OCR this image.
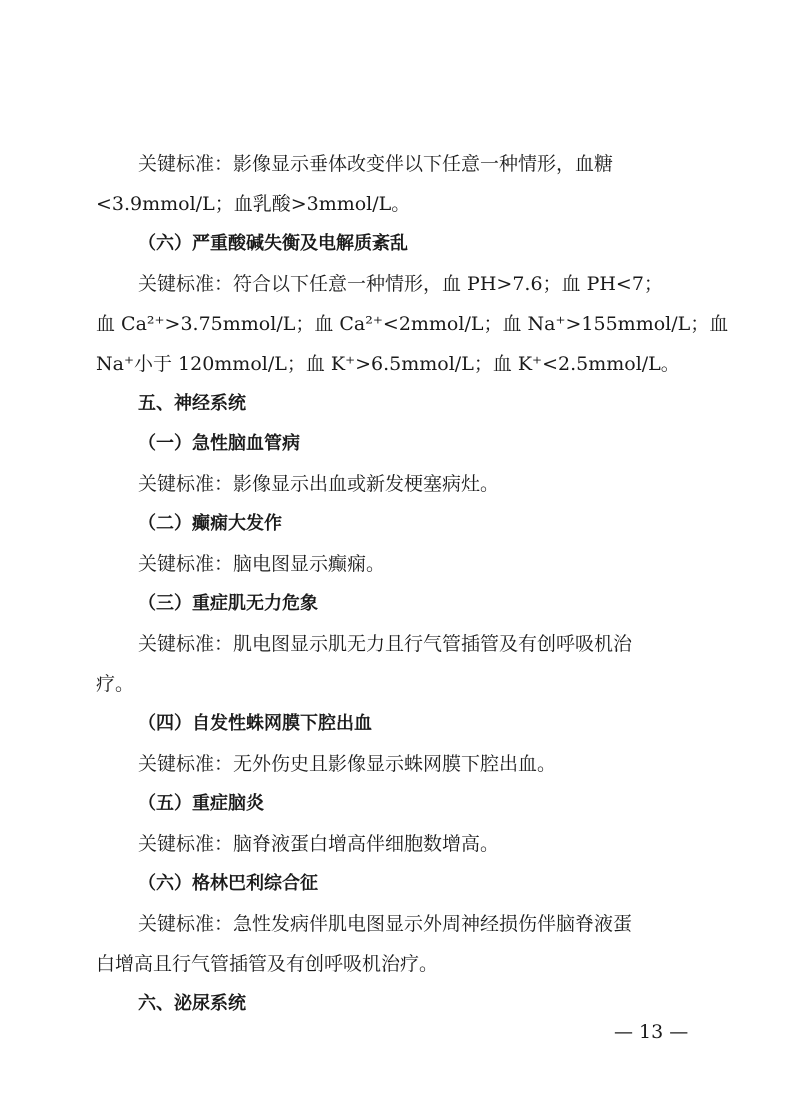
关键标准：影像显示垂体改变伴以下任意一种情形，血糖
<3.9mmol/L；血乳酸>3mmol/L。
（六）严重酸碱失衡及电解质紊乱
关键标准：符合以下任意一种情形，血 PH>7.6；血 PH<7；
血 Ca²⁺>3.75mmol/L；血 Ca²⁺<2mmol/L；血 Na⁺>155mmol/L；血
Na⁺小于 120mmol/L；血 K⁺>6.5mmol/L；血 K⁺<2.5mmol/L。
五、神经系统
（一）急性脑血管病
关键标准：影像显示出血或新发梗塞病灶。
（二）癫痫大发作
关键标准：脑电图显示癫痫。
（三）重症肌无力危象
关键标准：肌电图显示肌无力且行气管插管及有创呼吸机治
疗。
（四）自发性蛛网膜下腔出血
关键标准：无外伤史且影像显示蛛网膜下腔出血。
（五）重症脑炎
关键标准：脑脊液蛋白增高伴细胞数增高。
（六）格林巴利综合征
关键标准：急性发病伴肌电图显示外周神经损伤伴脑脊液蛋
白增高且行气管插管及有创呼吸机治疗。
六、泌尿系统
— 13 —
